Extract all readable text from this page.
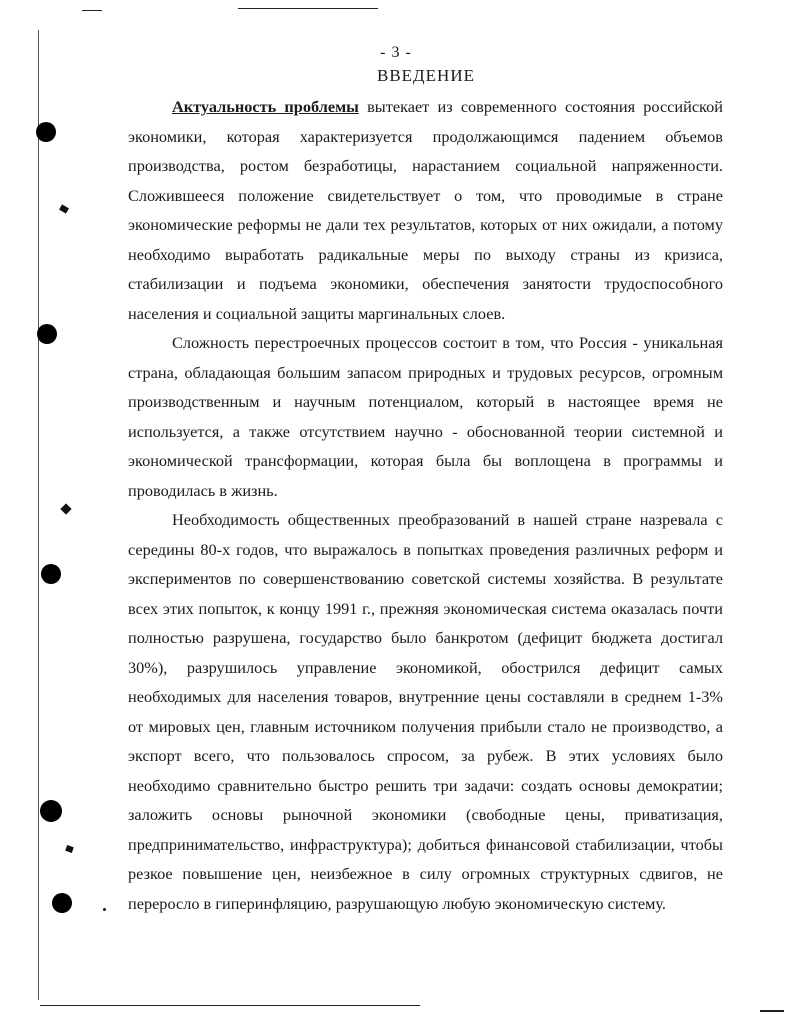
- 3 -
ВВЕДЕНИЕ

Актуальность проблемы вытекает из современного состояния российской экономики, которая характеризуется продолжающимся падением объемов производства, ростом безработицы, нарастанием социальной напряженности. Сложившееся положение свидетельствует о том, что проводимые в стране экономические реформы не дали тех результатов, которых от них ожидали, а потому необходимо выработать радикальные меры по выходу страны из кризиса, стабилизации и подъема экономики, обеспечения занятости трудоспособного населения и социальной защиты маргинальных слоев.

Сложность перестроечных процессов состоит в том, что Россия - уникальная страна, обладающая большим запасом природных и трудовых ресурсов, огромным производственным и научным потенциалом, который в настоящее время не используется, а также отсутствием научно - обоснованной теории системной и экономической трансформации, которая была бы воплощена в программы и проводилась в жизнь.

Необходимость общественных преобразований в нашей стране назревала с середины 80-х годов, что выражалось в попытках проведения различных реформ и экспериментов по совершенствованию советской системы хозяйства. В результате всех этих попыток, к концу 1991 г., прежняя экономическая система оказалась почти полностью разрушена, государство было банкротом (дефицит бюджета достигал 30%), разрушилось управление экономикой, обострился дефицит самых необходимых для населения товаров, внутренние цены составляли в среднем 1-3% от мировых цен, главным источником получения прибыли стало не производство, а экспорт всего, что пользовалось спросом, за рубеж. В этих условиях было необходимо сравнительно быстро решить три задачи: создать основы демократии; заложить основы рыночной экономики (свободные цены, приватизация, предпринимательство, инфраструктура); добиться финансовой стабилизации, чтобы резкое повышение цен, неизбежное в силу огромных структурных сдвигов, не переросло в гиперинфляцию, разрушающую любую экономическую систему.
